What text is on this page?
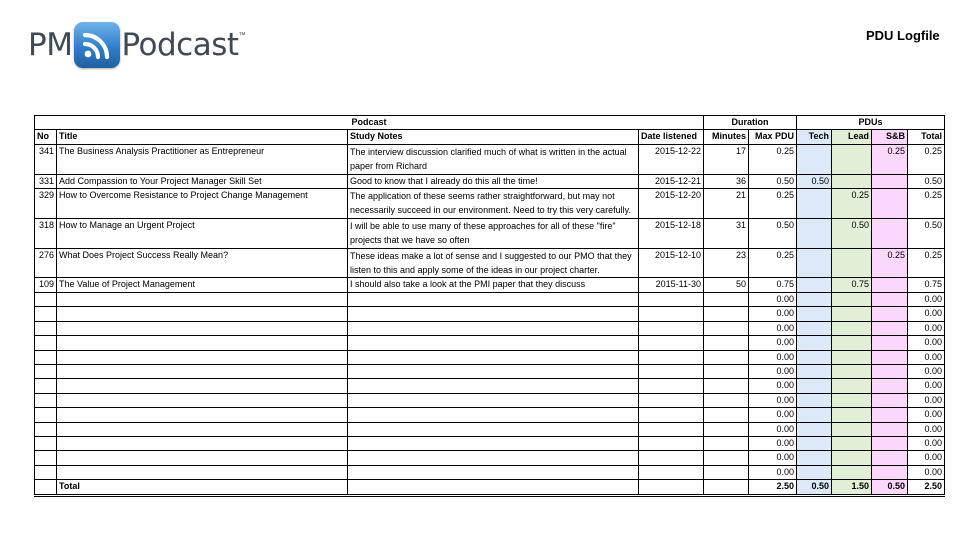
PM Podcast ™	PDU Logfile
Podcast				Duration		PDUs			
No	Title	Study Notes	Date listened	Minutes	Max PDU	Tech	Lead	S&B	Total
341	The Business Analysis Practitioner as Entrepreneur	The interview discussion clarified much of what is written in the actual paper from Richard	2015-12-22	17	0.25			0.25	0.25
331	Add Compassion to Your Project Manager Skill Set	Good to know that I already do this all the time!	2015-12-21	36	0.50	0.50			0.50
329	How to Overcome Resistance to Project Change Management	The application of these seems rather straightforward, but may not necessarily succeed in our environment. Need to try this very carefully.	2015-12-20	21	0.25		0.25		0.25
318	How to Manage an Urgent Project	I will be able to use many of these approaches for all of these "fire" projects that we have so often	2015-12-18	31	0.50		0.50		0.50
276	What Does Project Success Really Mean?	These ideas make a lot of sense and I suggested to our PMO that they listen to this and apply some of the ideas in our project charter.	2015-12-10	23	0.25			0.25	0.25
109	The Value of Project Management	I should also take a look at the PMI paper that they discuss	2015-11-30	50	0.75		0.75		0.75
					0.00				0.00
					0.00				0.00
					0.00				0.00
					0.00				0.00
					0.00				0.00
					0.00				0.00
					0.00				0.00
					0.00				0.00
					0.00				0.00
					0.00				0.00
					0.00				0.00
					0.00				0.00
					0.00				0.00
	Total				2.50	0.50	1.50	0.50	2.50
